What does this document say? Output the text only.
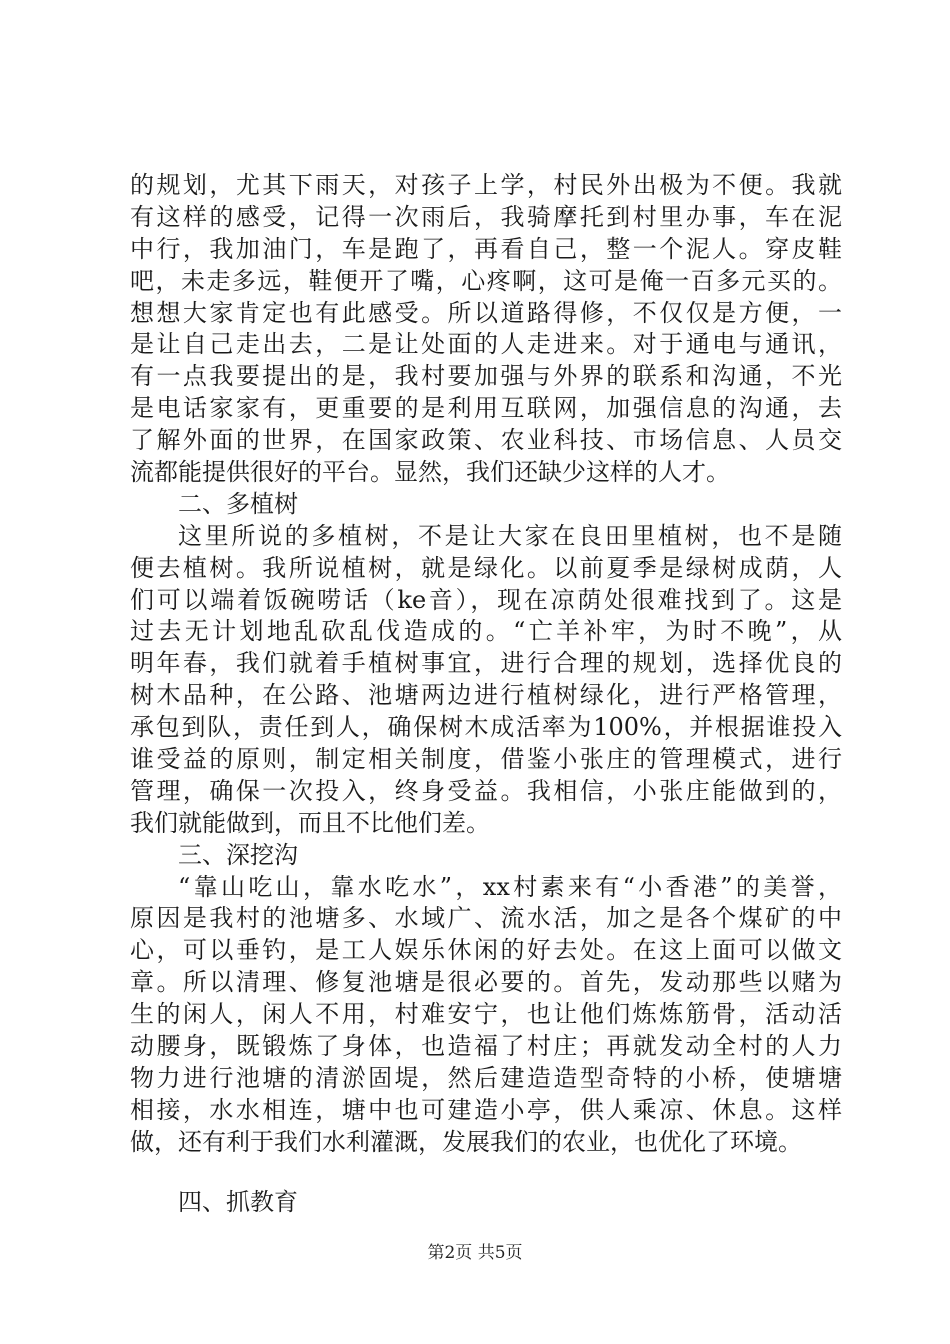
的规划，尤其下雨天，对孩子上学，村民外出极为不便。我就
有这样的感受，记得一次雨后，我骑摩托到村里办事，车在泥
中行，我加油门，车是跑了，再看自己，整一个泥人。穿皮鞋
吧，未走多远，鞋便开了嘴，心疼啊，这可是俺一百多元买的。
想想大家肯定也有此感受。所以道路得修，不仅仅是方便，一
是让自己走出去，二是让处面的人走进来。对于通电与通讯，
有一点我要提出的是，我村要加强与外界的联系和沟通，不光
是电话家家有，更重要的是利用互联网，加强信息的沟通，去
了解外面的世界，在国家政策、农业科技、市场信息、人员交
流都能提供很好的平台。显然，我们还缺少这样的人才。
二、多植树
这里所说的多植树，不是让大家在良田里植树，也不是随
便去植树。我所说植树，就是绿化。以前夏季是绿树成荫，人
们可以端着饭碗唠话（ke音），现在凉荫处很难找到了。这是
过去无计划地乱砍乱伐造成的。“亡羊补牢，为时不晚”，从
明年春，我们就着手植树事宜，进行合理的规划，选择优良的
树木品种，在公路、池塘两边进行植树绿化，进行严格管理，
承包到队，责任到人，确保树木成活率为100%，并根据谁投入
谁受益的原则，制定相关制度，借鉴小张庄的管理模式，进行
管理，确保一次投入，终身受益。我相信，小张庄能做到的，
我们就能做到，而且不比他们差。
三、深挖沟
“靠山吃山，靠水吃水”，xx村素来有“小香港”的美誉，
原因是我村的池塘多、水域广、流水活，加之是各个煤矿的中
心，可以垂钓，是工人娱乐休闲的好去处。在这上面可以做文
章。所以清理、修复池塘是很必要的。首先，发动那些以赌为
生的闲人，闲人不用，村难安宁，也让他们炼炼筋骨，活动活
动腰身，既锻炼了身体，也造福了村庄；再就发动全村的人力
物力进行池塘的清淤固堤，然后建造造型奇特的小桥，使塘塘
相接，水水相连，塘中也可建造小亭，供人乘凉、休息。这样
做，还有利于我们水利灌溉，发展我们的农业，也优化了环境。
四、抓教育
第2页 共5页
